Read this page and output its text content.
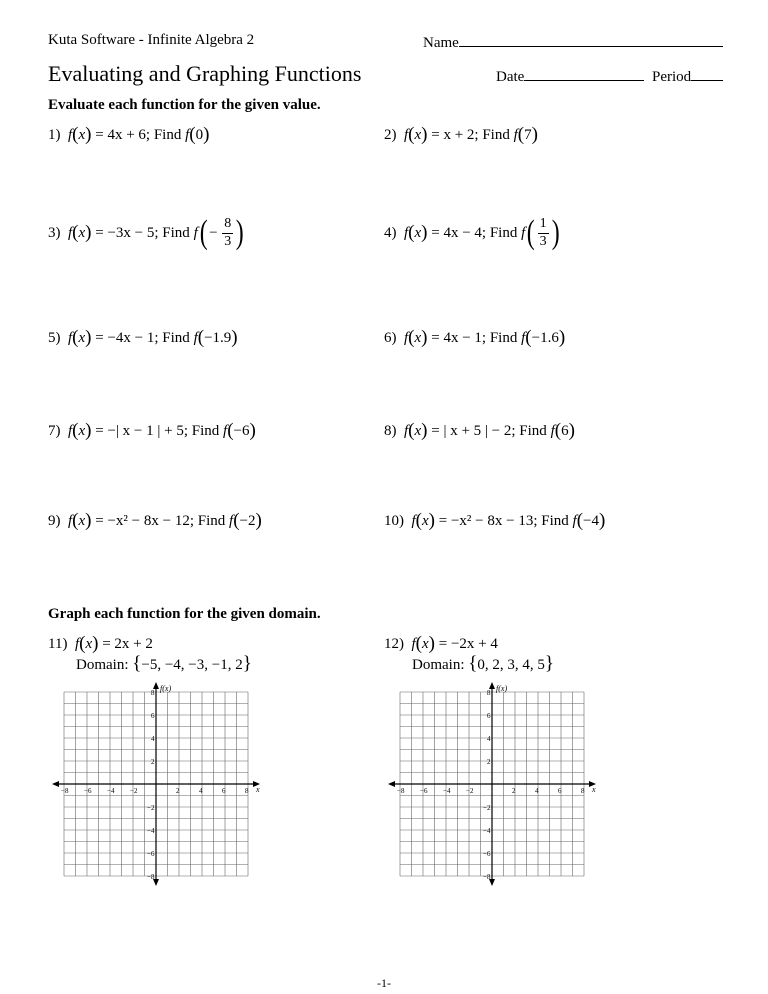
Kuta Software - Infinite Algebra 2	Name
Evaluating and Graphing Functions	Date	Period
Evaluate each function for the given value.
1)
f ( x )
= 4x + 6; Find
f ( 0 )	2)
f ( x )
= x + 2; Find
f ( 7 )
3)
f ( x )
= −3x − 5; Find
f ( −
$\frac{8}{3}$ )	4)
f ( x )
= 4x − 4; Find
f ( $\frac{1}{3}$ )
5)
f ( x )
= −4x − 1; Find
f ( −1.9 )	6)
f ( x )
= 4x − 1; Find
f ( −1.6 )
7)
f ( x )
= −| x − 1 | + 5; Find
f ( −6 )	8)
f ( x )
= | x + 5 | − 2; Find
f ( 6 )
9)
f ( x )
= −x² − 8x − 12; Find
f ( −2 )	10)
f ( x )
= −x² − 8x − 13; Find
f ( −4 )
Graph each function for the given domain.
11)
f ( x )
= 2x + 2
Domain: {−5, −4, −3, −1, 2}
12)
f ( x )
= −2x + 4
Domain: {0, 2, 3, 4, 5}
f(x)
x
−8 −6 −4 −2	2	4	6	8
8
6
4
2
−2
−4
−6
−8
f(x)
x
−8 −6 −4 −2	2	4	6	8
8
6
4
2
−2
−4
−6
−8
-1-
